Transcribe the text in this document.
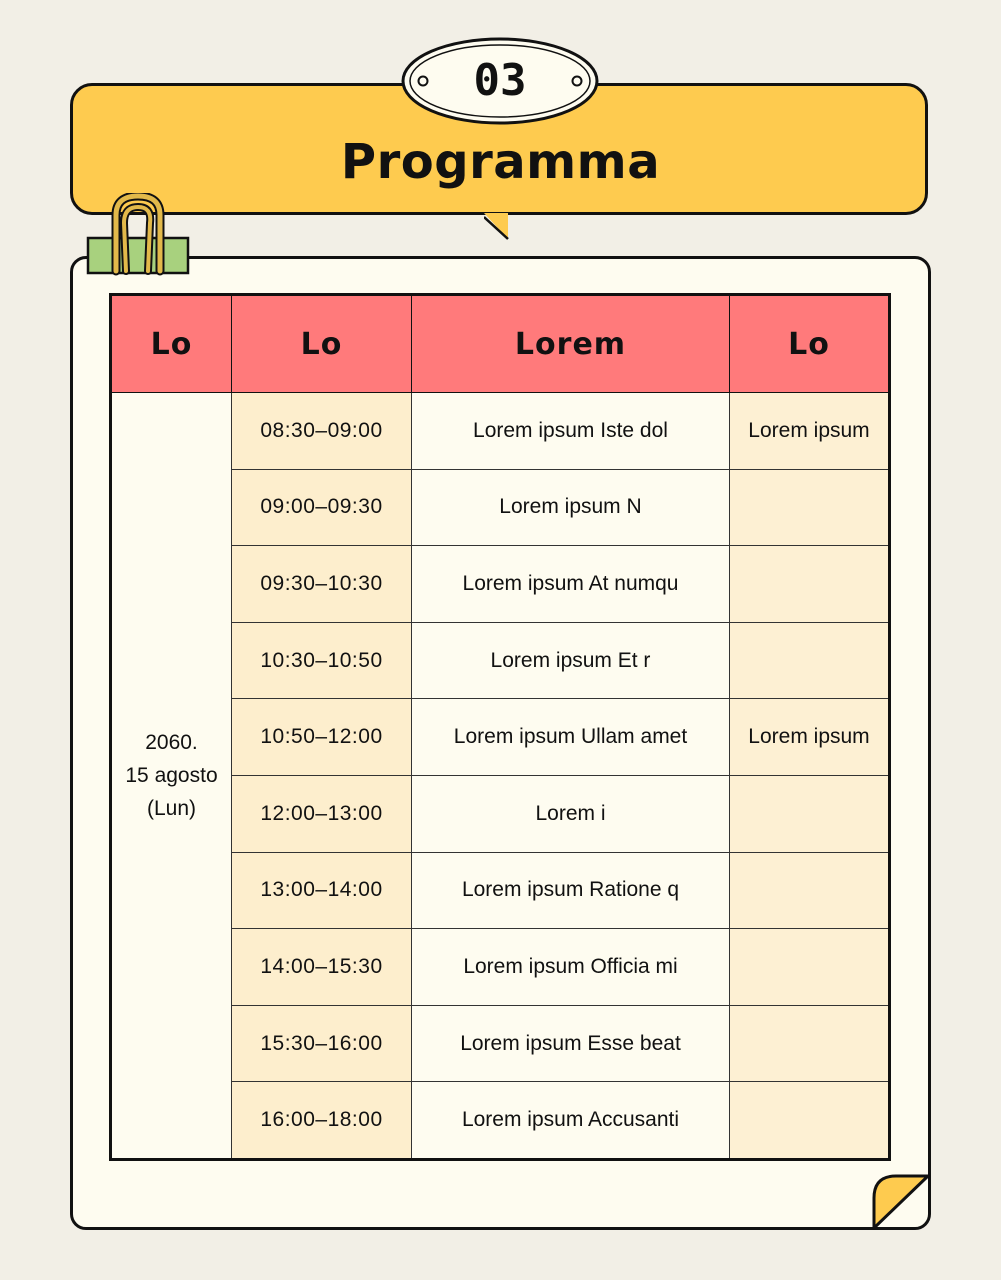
Programma
03
Lo	Lo	Lorem	Lo

2060.
15 agosto
(Lun)	08:30–09:00	Lorem ipsum Iste dol	Lorem ipsum
	09:00–09:30	Lorem ipsum N	
	09:30–10:30	Lorem ipsum At numqu	
	10:30–10:50	Lorem ipsum Et r	
	10:50–12:00	Lorem ipsum Ullam amet	Lorem ipsum
	12:00–13:00	Lorem i	
	13:00–14:00	Lorem ipsum Ratione q	
	14:00–15:30	Lorem ipsum Officia mi	
	15:30–16:00	Lorem ipsum Esse beat	
	16:00–18:00	Lorem ipsum Accusanti	
